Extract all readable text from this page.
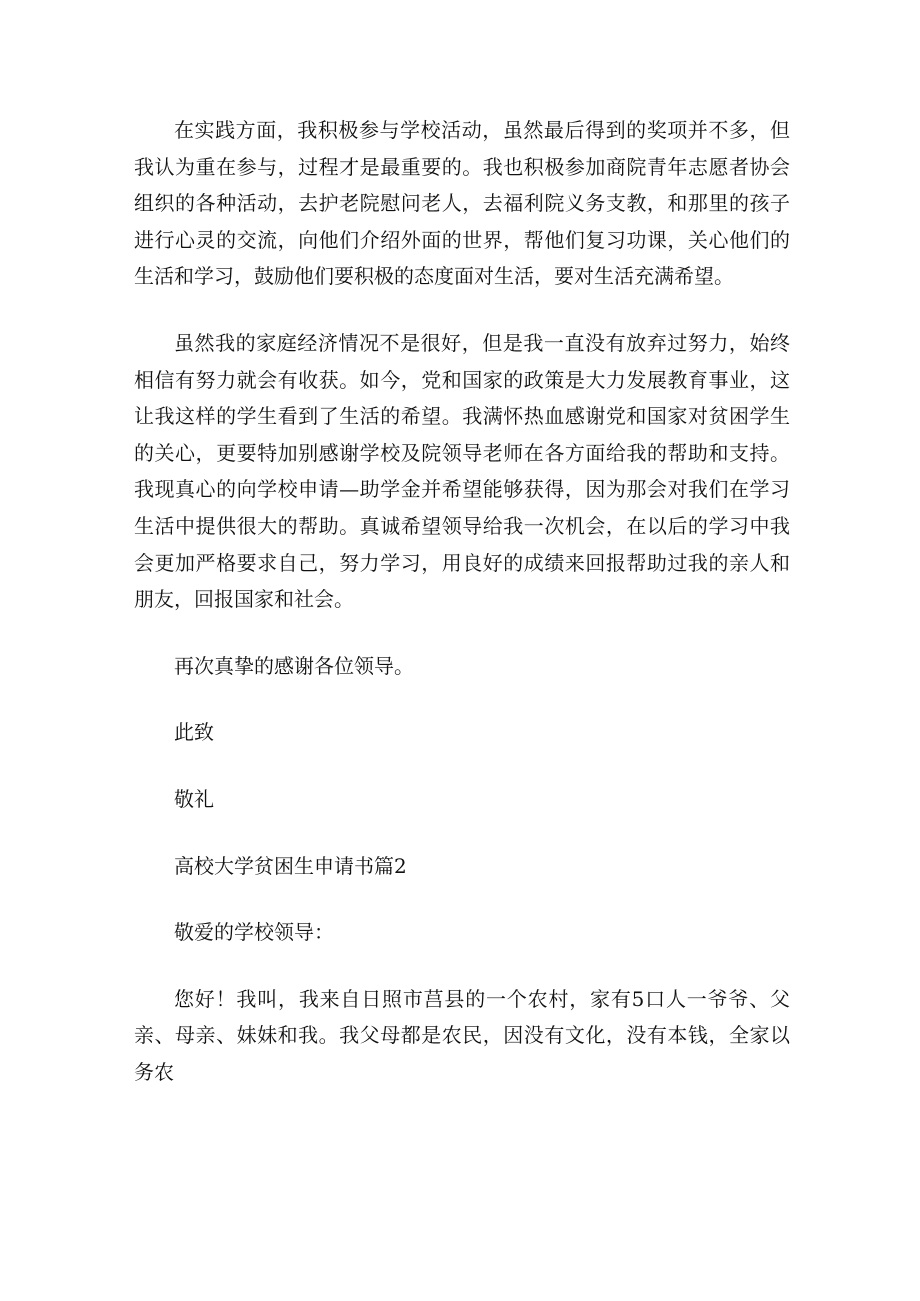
在实践方面，我积极参与学校活动，虽然最后得到的奖项并不多，但我认为重在参与，过程才是最重要的。我也积极参加商院青年志愿者协会组织的各种活动，去护老院慰问老人，去福利院义务支教，和那里的孩子进行心灵的交流，向他们介绍外面的世界，帮他们复习功课，关心他们的生活和学习，鼓励他们要积极的态度面对生活，要对生活充满希望。

虽然我的家庭经济情况不是很好，但是我一直没有放弃过努力，始终相信有努力就会有收获。如今，党和国家的政策是大力发展教育事业，这让我这样的学生看到了生活的希望。我满怀热血感谢党和国家对贫困学生的关心，更要特加别感谢学校及院领导老师在各方面给我的帮助和支持。我现真心的向学校申请—助学金并希望能够获得，因为那会对我们在学习生活中提供很大的帮助。真诚希望领导给我一次机会，在以后的学习中我会更加严格要求自己，努力学习，用良好的成绩来回报帮助过我的亲人和朋友，回报国家和社会。

再次真挚的感谢各位领导。

此致

敬礼

高校大学贫困生申请书篇2

敬爱的学校领导：

您好！我叫，我来自日照市莒县的一个农村，家有5口人一爷爷、父亲、母亲、妹妹和我。我父母都是农民，因没有文化，没有本钱，全家以务农
